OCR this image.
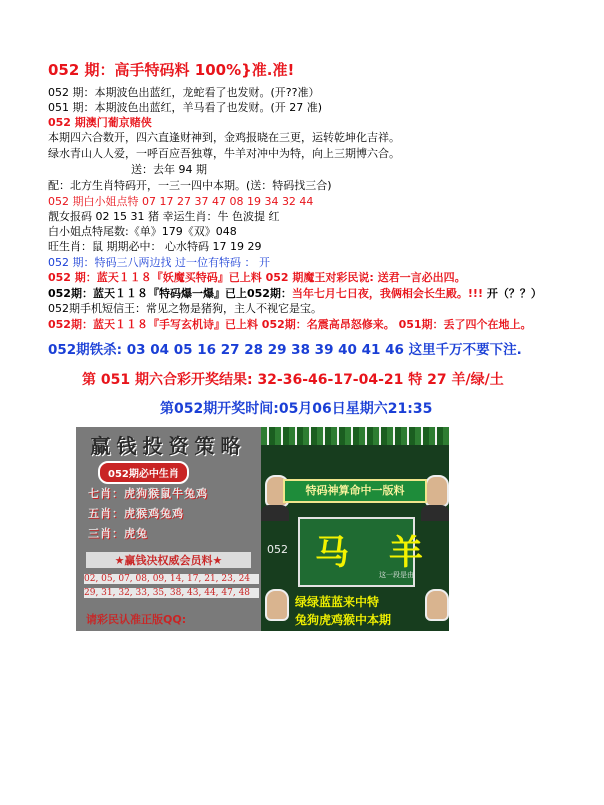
052 期：高手特码料 100%}准.准!
052 期：本期波色出蓝红，龙蛇看了也发财。(开??准）
051 期：本期波色出蓝红，羊马看了也发财。(开 27 准)
052 期澳门葡京赌侠
本期四六合数开，四六直逢财神到，金鸡报晓在三更，运转乾坤化吉祥。
绿水青山人人爱，一呼百应吾独尊，牛羊对冲中为特，向上三期博六合。
送：去年 94 期
配：北方生肖特码开，一三一四中本期。(送：特码找三合)
052 期白小姐点特 07 17 27 37 47 08 19 34 32 44
靓女报码 02 15 31 猪 幸运生肖：牛 色波提 红
白小姐点特尾数:《单》179《双》048
旺生肖：鼠 期期必中： 心水特码 17 19 29
052 期：特码三八两边找 过一位有特码 ： 开
052 期：蓝天１１８『妖魔买特码』已上料 052 期魔王对彩民说: 送君一言必出四。
052期：蓝天１１８『特码爆一爆』已上052期：当年七月七日夜，我俩相会长生殿。!!! 开（？？）
052期手机短信王：常见之物是猪狗，主人不视它是宝。
052期：蓝天１１８『手写玄机诗』已上料 052期：名震高昂怒修来。 051期：丢了四个在地上。
052期铁杀: 03 04 05 16 27 28 29 38 39 40 41 46 这里千万不要下注.
第 051 期六合彩开奖结果: 32-36-46-17-04-21 特 27 羊/绿/土
第052期开奖时间:05月06日星期六21:35
赢钱投资策略
052期必中生肖
七肖：虎狗猴鼠牛兔鸡
五肖：虎猴鸡兔鸡
三肖：虎兔
★赢钱决权威会员料★
02, 05, 07, 08, 09, 14, 17, 21, 23, 24
29, 31, 32, 33, 35, 38, 43, 44, 47, 48
请彩民认准正版QQ:
特码神算命中一版料
052 马 羊
这一段是由
绿绿蓝蓝来中特
兔狗虎鸡猴中本期
